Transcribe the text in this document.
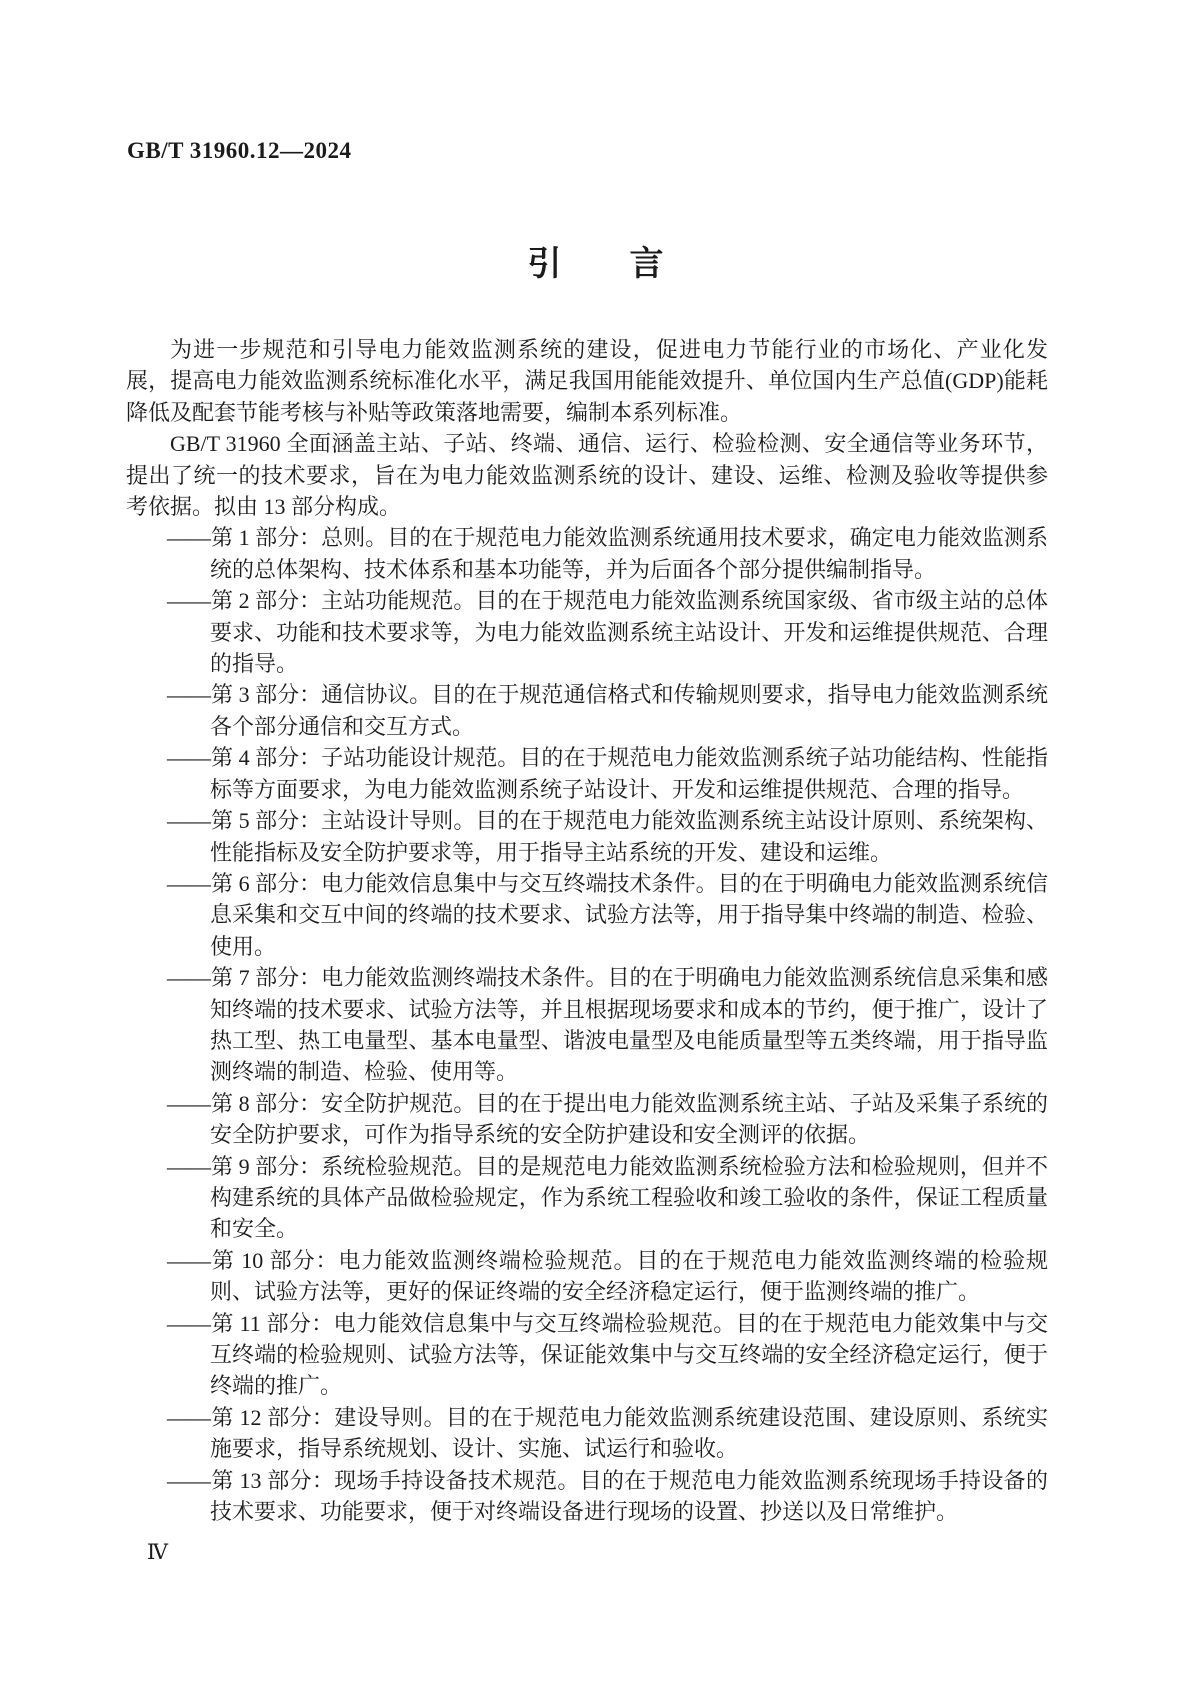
GB/T 31960.12—2024
引　　言

为进一步规范和引导电力能效监测系统的建设，促进电力节能行业的市场化、产业化发展，提高电力能效监测系统标准化水平，满足我国用能能效提升、单位国内生产总值(GDP)能耗降低及配套节能考核与补贴等政策落地需要，编制本系列标准。

GB/T 31960 全面涵盖主站、子站、终端、通信、运行、检验检测、安全通信等业务环节，提出了统一的技术要求，旨在为电力能效监测系统的设计、建设、运维、检测及验收等提供参考依据。拟由 13 部分构成。

——第 1 部分：总则。目的在于规范电力能效监测系统通用技术要求，确定电力能效监测系统的总体架构、技术体系和基本功能等，并为后面各个部分提供编制指导。

——第 2 部分：主站功能规范。目的在于规范电力能效监测系统国家级、省市级主站的总体要求、功能和技术要求等，为电力能效监测系统主站设计、开发和运维提供规范、合理的指导。

——第 3 部分：通信协议。目的在于规范通信格式和传输规则要求，指导电力能效监测系统各个部分通信和交互方式。

——第 4 部分：子站功能设计规范。目的在于规范电力能效监测系统子站功能结构、性能指标等方面要求，为电力能效监测系统子站设计、开发和运维提供规范、合理的指导。

——第 5 部分：主站设计导则。目的在于规范电力能效监测系统主站设计原则、系统架构、性能指标及安全防护要求等，用于指导主站系统的开发、建设和运维。

——第 6 部分：电力能效信息集中与交互终端技术条件。目的在于明确电力能效监测系统信息采集和交互中间的终端的技术要求、试验方法等，用于指导集中终端的制造、检验、使用。

——第 7 部分：电力能效监测终端技术条件。目的在于明确电力能效监测系统信息采集和感知终端的技术要求、试验方法等，并且根据现场要求和成本的节约，便于推广，设计了热工型、热工电量型、基本电量型、谐波电量型及电能质量型等五类终端，用于指导监测终端的制造、检验、使用等。

——第 8 部分：安全防护规范。目的在于提出电力能效监测系统主站、子站及采集子系统的安全防护要求，可作为指导系统的安全防护建设和安全测评的依据。

——第 9 部分：系统检验规范。目的是规范电力能效监测系统检验方法和检验规则，但并不构建系统的具体产品做检验规定，作为系统工程验收和竣工验收的条件，保证工程质量和安全。

——第 10 部分：电力能效监测终端检验规范。目的在于规范电力能效监测终端的检验规则、试验方法等，更好的保证终端的安全经济稳定运行，便于监测终端的推广。

——第 11 部分：电力能效信息集中与交互终端检验规范。目的在于规范电力能效集中与交互终端的检验规则、试验方法等，保证能效集中与交互终端的安全经济稳定运行，便于终端的推广。

——第 12 部分：建设导则。目的在于规范电力能效监测系统建设范围、建设原则、系统实施要求，指导系统规划、设计、实施、试运行和验收。

——第 13 部分：现场手持设备技术规范。目的在于规范电力能效监测系统现场手持设备的技术要求、功能要求，便于对终端设备进行现场的设置、抄送以及日常维护。

Ⅳ
